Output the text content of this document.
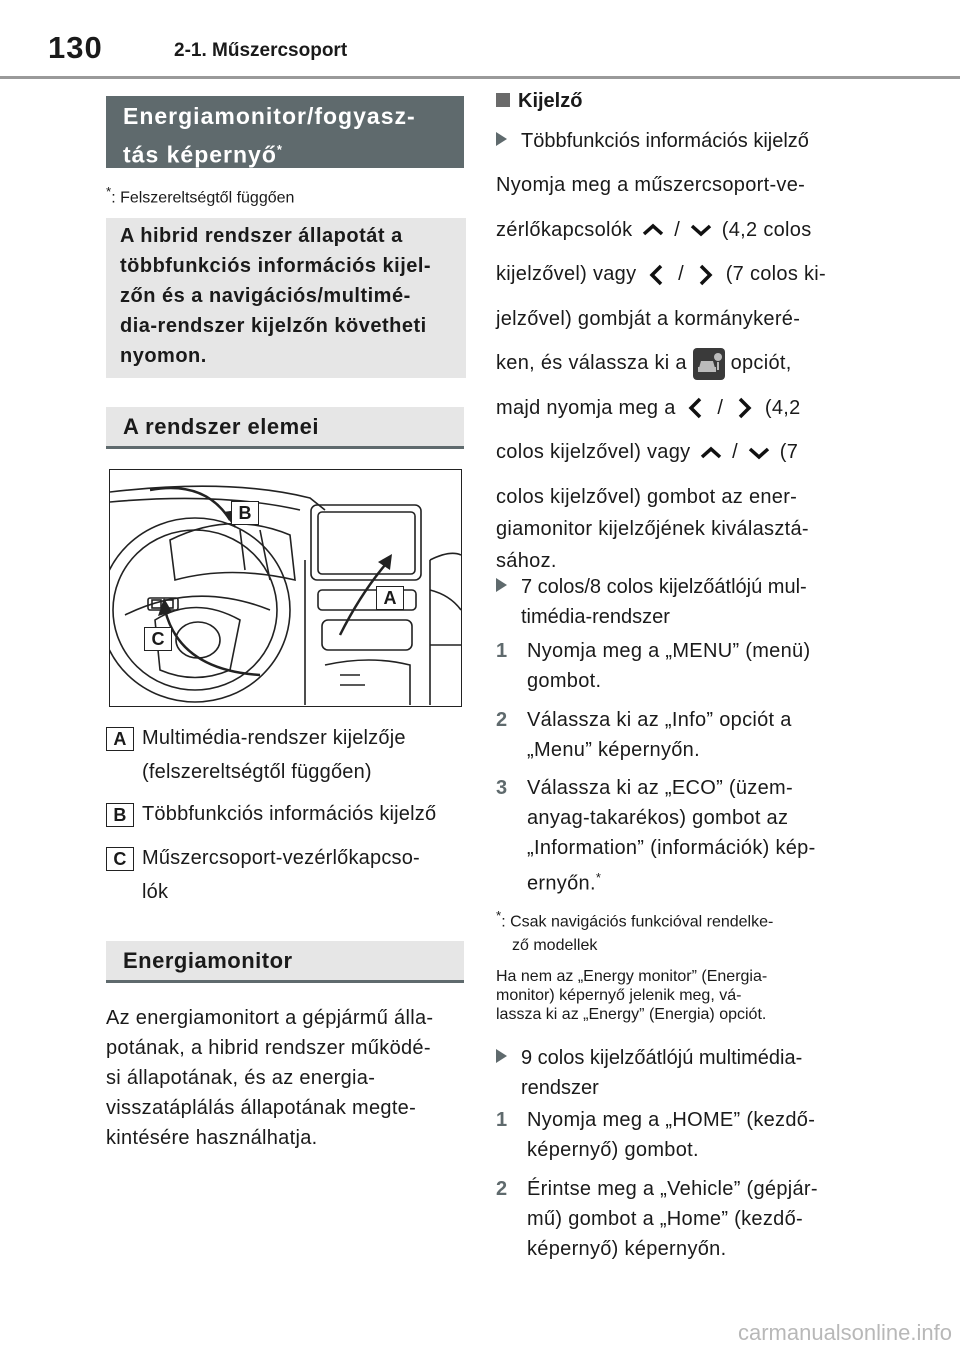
130	2-1. Műszercsoport
Energiamonitor/fogyasz-
tás képernyő*
*: Felszereltségtől függően
A hibrid rendszer állapotát a
többfunkciós információs kijel-
zőn és a navigációs/multimé-
dia-rendszer kijelzőn követheti
nyomon.
A rendszer elemei
B
A
C
A Multimédia-rendszer kijelzője
(felszereltségtől függően)
B Többfunkciós információs kijelző
C Műszercsoport-vezérlőkapcso-
lók
Energiamonitor
Az energiamonitort a gépjármű álla-
potának, a hibrid rendszer működé-
si állapotának, és az energia-
visszatáplálás állapotának megte-
kintésére használhatja.
Kijelző
Többfunkciós információs kijelző
Nyomja meg a műszercsoport-ve-
zérlőkapcsolók / (4,2 colos
kijelzővel) vagy / (7 colos ki-
jelzővel) gombját a kormánykeré-
ken, és válassza ki a opciót,
majd nyomja meg a / (4,2
colos kijelzővel) vagy / (7
colos kijelzővel) gombot az ener-
giamonitor kijelzőjének kiválasztá-
sához.
7 colos/8 colos kijelzőátlójú mul-
timédia-rendszer
1 Nyomja meg a „MENU” (menü)
gombot.
2 Válassza ki az „Info” opciót a
„Menu” képernyőn.
3 Válassza ki az „ECO” (üzem-
anyag-takarékos) gombot az
„Information” (információk) kép-
ernyőn.*
*: Csak navigációs funkcióval rendelke-
ző modellek
Ha nem az „Energy monitor” (Energia-
monitor) képernyő jelenik meg, vá-
lassza ki az „Energy” (Energia) opciót.
9 colos kijelzőátlójú multimédia-
rendszer
1 Nyomja meg a „HOME” (kezdő-
képernyő) gombot.
2 Érintse meg a „Vehicle” (gépjár-
mű) gombot a „Home” (kezdő-
képernyő) képernyőn.
carmanualsonline.info
